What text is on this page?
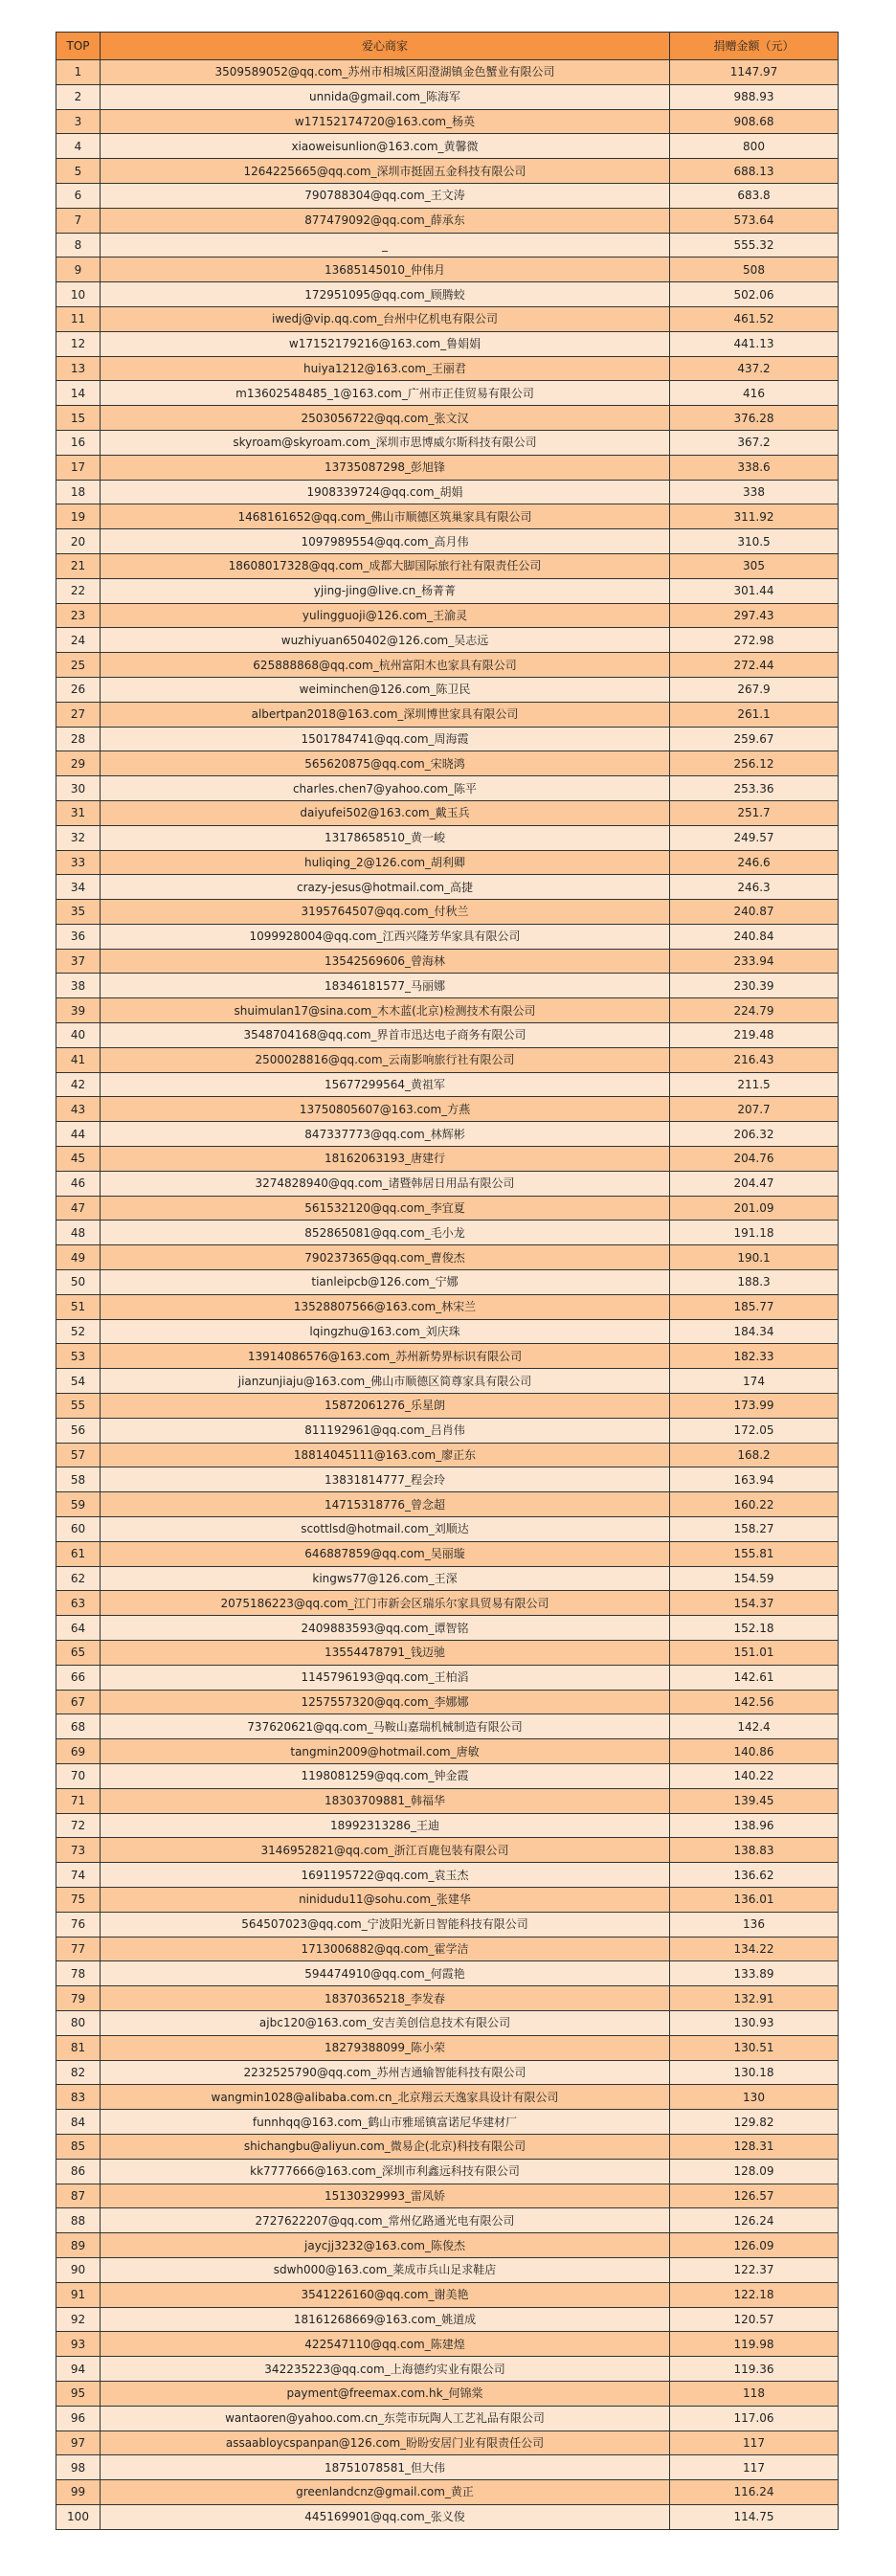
TOP	爱心商家	捐赠金额（元）
1	3509589052@qq.com_苏州市相城区阳澄湖镇金色蟹业有限公司	1147.97
2	unnida@gmail.com_陈海军	988.93
3	w17152174720@163.com_杨英	908.68
4	xiaoweisunlion@163.com_黄馨微	800
5	1264225665@qq.com_深圳市挺固五金科技有限公司	688.13
6	790788304@qq.com_王文涛	683.8
7	877479092@qq.com_薛承东	573.64
8	_	555.32
9	13685145010_仲伟月	508
10	172951095@qq.com_顾腾蛟	502.06
11	iwedj@vip.qq.com_台州中亿机电有限公司	461.52
12	w17152179216@163.com_鲁娟娟	441.13
13	huiya1212@163.com_王丽君	437.2
14	m13602548485_1@163.com_广州市正佳贸易有限公司	416
15	2503056722@qq.com_张文汉	376.28
16	skyroam@skyroam.com_深圳市思博威尔斯科技有限公司	367.2
17	13735087298_彭旭锋	338.6
18	1908339724@qq.com_胡娟	338
19	1468161652@qq.com_佛山市顺德区筑巢家具有限公司	311.92
20	1097989554@qq.com_高月伟	310.5
21	18608017328@qq.com_成都大脚国际旅行社有限责任公司	305
22	yjing-jing@live.cn_杨菁菁	301.44
23	yulingguoji@126.com_王渝灵	297.43
24	wuzhiyuan650402@126.com_吴志远	272.98
25	625888868@qq.com_杭州富阳木也家具有限公司	272.44
26	weiminchen@126.com_陈卫民	267.9
27	albertpan2018@163.com_深圳博世家具有限公司	261.1
28	1501784741@qq.com_周海霞	259.67
29	565620875@qq.com_宋晓鸿	256.12
30	charles.chen7@yahoo.com_陈平	253.36
31	daiyufei502@163.com_戴玉兵	251.7
32	13178658510_黄一峻	249.57
33	huliqing_2@126.com_胡利卿	246.6
34	crazy-jesus@hotmail.com_高捷	246.3
35	3195764507@qq.com_付秋兰	240.87
36	1099928004@qq.com_江西兴隆芳华家具有限公司	240.84
37	13542569606_曾海林	233.94
38	18346181577_马丽娜	230.39
39	shuimulan17@sina.com_木木蓝(北京)检测技术有限公司	224.79
40	3548704168@qq.com_界首市迅达电子商务有限公司	219.48
41	2500028816@qq.com_云南影响旅行社有限公司	216.43
42	15677299564_黄祖军	211.5
43	13750805607@163.com_方燕	207.7
44	847337773@qq.com_林辉彬	206.32
45	18162063193_唐建行	204.76
46	3274828940@qq.com_诸暨韩居日用品有限公司	204.47
47	561532120@qq.com_李宜夏	201.09
48	852865081@qq.com_毛小龙	191.18
49	790237365@qq.com_曹俊杰	190.1
50	tianleipcb@126.com_宁娜	188.3
51	13528807566@163.com_林宋兰	185.77
52	lqingzhu@163.com_刘庆珠	184.34
53	13914086576@163.com_苏州新势界标识有限公司	182.33
54	jianzunjiaju@163.com_佛山市顺德区简尊家具有限公司	174
55	15872061276_乐星朗	173.99
56	811192961@qq.com_吕肖伟	172.05
57	18814045111@163.com_廖正东	168.2
58	13831814777_程会玲	163.94
59	14715318776_曾念超	160.22
60	scottlsd@hotmail.com_刘顺达	158.27
61	646887859@qq.com_吴丽璇	155.81
62	kingws77@126.com_王深	154.59
63	2075186223@qq.com_江门市新会区瑞乐尔家具贸易有限公司	154.37
64	2409883593@qq.com_谭智铭	152.18
65	13554478791_钱迈驰	151.01
66	1145796193@qq.com_王柏滔	142.61
67	1257557320@qq.com_李娜娜	142.56
68	737620621@qq.com_马鞍山嘉瑞机械制造有限公司	142.4
69	tangmin2009@hotmail.com_唐敏	140.86
70	1198081259@qq.com_钟金霞	140.22
71	18303709881_韩福华	139.45
72	18992313286_王迪	138.96
73	3146952821@qq.com_浙江百鹿包装有限公司	138.83
74	1691195722@qq.com_袁玉杰	136.62
75	ninidudu11@sohu.com_张建华	136.01
76	564507023@qq.com_宁波阳光新日智能科技有限公司	136
77	1713006882@qq.com_霍学洁	134.22
78	594474910@qq.com_何霞艳	133.89
79	18370365218_李发春	132.91
80	ajbc120@163.com_安吉美创信息技术有限公司	130.93
81	18279388099_陈小荣	130.51
82	2232525790@qq.com_苏州吉通输智能科技有限公司	130.18
83	wangmin1028@alibaba.com.cn_北京翔云天逸家具设计有限公司	130
84	funnhqq@163.com_鹤山市雅瑶镇富诺尼华建材厂	129.82
85	shichangbu@aliyun.com_微易企(北京)科技有限公司	128.31
86	kk7777666@163.com_深圳市利鑫远科技有限公司	128.09
87	15130329993_雷凤娇	126.57
88	2727622207@qq.com_常州亿路通光电有限公司	126.24
89	jaycjj3232@163.com_陈俊杰	126.09
90	sdwh000@163.com_莱成市兵山足求鞋店	122.37
91	3541226160@qq.com_谢美艳	122.18
92	18161268669@163.com_姚道成	120.57
93	422547110@qq.com_陈建煌	119.98
94	342235223@qq.com_上海德约实业有限公司	119.36
95	payment@freemax.com.hk_何锦棠	118
96	wantaoren@yahoo.com.cn_东莞市玩陶人工艺礼品有限公司	117.06
97	assaabloycspanpan@126.com_盼盼安居门业有限责任公司	117
98	18751078581_但大伟	117
99	greenlandcnz@gmail.com_黄正	116.24
100	445169901@qq.com_张义俊	114.75
